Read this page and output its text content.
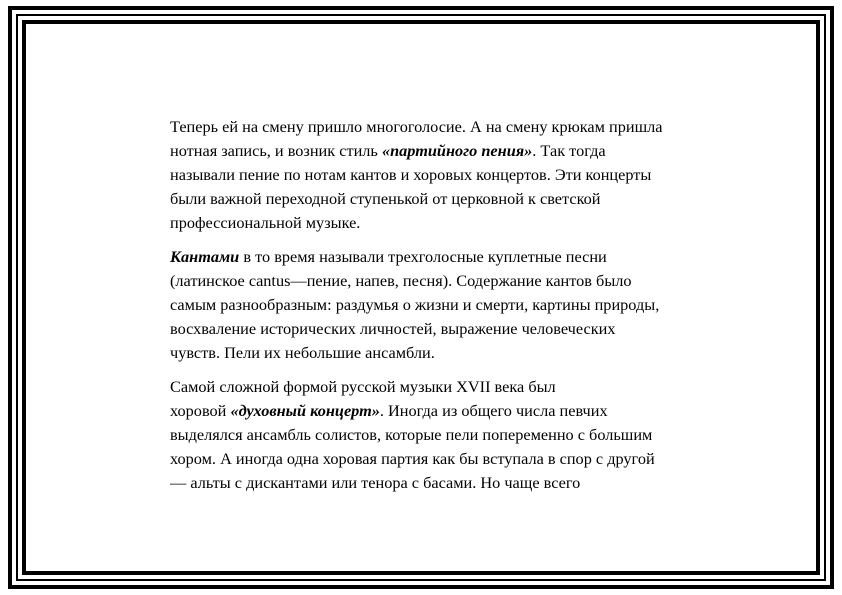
Теперь ей на смену пришло многоголосие. А на смену крюкам пришла
нотная запись, и возник стиль «партийного пения». Так тогда
называли пение по нотам кантов и хоровых концертов. Эти концерты
были важной переходной ступенькой от церковной к светской
профессиональной музыке.

Кантами в то время называли трехголосные куплетные песни
(латинское cantus—пение, напев, песня). Содержание кантов было
самым разнообразным: раздумья о жизни и смерти, картины природы,
восхваление исторических личностей, выражение человеческих
чувств. Пели их небольшие ансамбли.

Самой сложной формой русской музыки XVII века был
хоровой «духовный концерт». Иногда из общего числа певчих
выделялся ансамбль солистов, которые пели попеременно с большим
хором. А иногда одна хоровая партия как бы вступала в спор с другой
— альты с дискантами или тенора с басами. Но чаще всего
